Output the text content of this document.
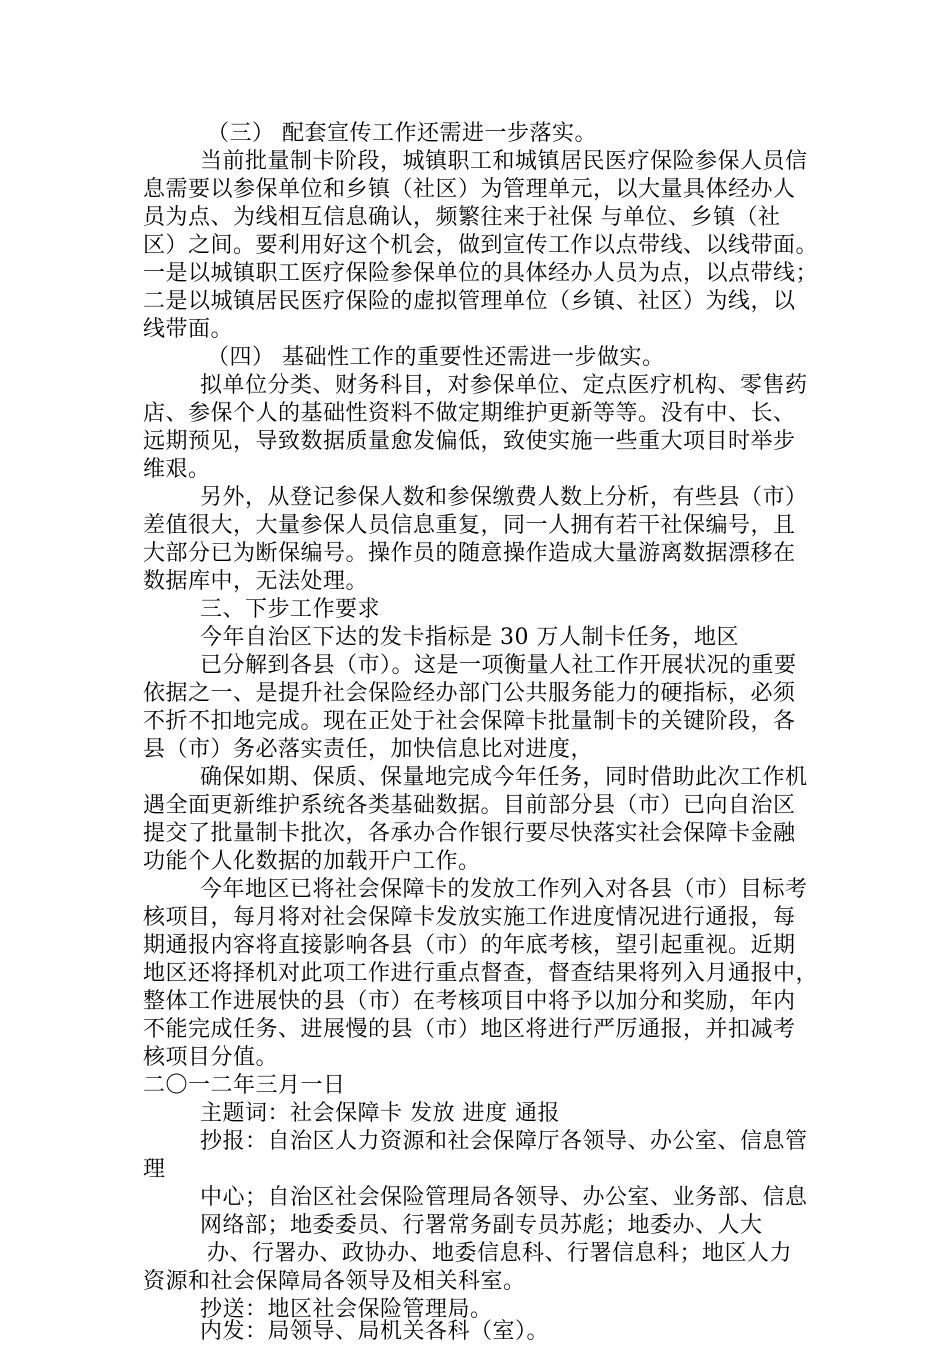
（三） 配套宣传工作还需进一步落实。
当前批量制卡阶段，城镇职工和城镇居民医疗保险参保人员信
息需要以参保单位和乡镇（社区）为管理单元，以大量具体经办人
员为点、为线相互信息确认，频繁往来于社保 与单位、乡镇（社
区）之间。要利用好这个机会，做到宣传工作以点带线、以线带面。
一是以城镇职工医疗保险参保单位的具体经办人员为点，以点带线；
二是以城镇居民医疗保险的虚拟管理单位（乡镇、社区）为线，以
线带面。
（四） 基础性工作的重要性还需进一步做实。
拟单位分类、财务科目，对参保单位、定点医疗机构、零售药
店、参保个人的基础性资料不做定期维护更新等等。没有中、长、
远期预见，导致数据质量愈发偏低，致使实施一些重大项目时举步
维艰。
另外，从登记参保人数和参保缴费人数上分析，有些县（市）
差值很大，大量参保人员信息重复，同一人拥有若干社保编号，且
大部分已为断保编号。操作员的随意操作造成大量游离数据漂移在
数据库中，无法处理。
三、下步工作要求
今年自治区下达的发卡指标是 30 万人制卡任务，地区
已分解到各县（市）。这是一项衡量人社工作开展状况的重要
依据之一、是提升社会保险经办部门公共服务能力的硬指标，必须
不折不扣地完成。现在正处于社会保障卡批量制卡的关键阶段，各
县（市）务必落实责任，加快信息比对进度，
确保如期、保质、保量地完成今年任务，同时借助此次工作机
遇全面更新维护系统各类基础数据。目前部分县（市）已向自治区
提交了批量制卡批次，各承办合作银行要尽快落实社会保障卡金融
功能个人化数据的加载开户工作。
今年地区已将社会保障卡的发放工作列入对各县（市）目标考
核项目，每月将对社会保障卡发放实施工作进度情况进行通报，每
期通报内容将直接影响各县（市）的年底考核，望引起重视。近期
地区还将择机对此项工作进行重点督查，督查结果将列入月通报中，
整体工作进展快的县（市）在考核项目中将予以加分和奖励，年内
不能完成任务、进展慢的县（市）地区将进行严厉通报，并扣减考
核项目分值。
二〇一二年三月一日
主题词：社会保障卡 发放 进度 通报
抄报：自治区人力资源和社会保障厅各领导、办公室、信息管
理
中心；自治区社会保险管理局各领导、办公室、业务部、信息
网络部；地委委员、行署常务副专员苏彪；地委办、人大
办、行署办、政协办、地委信息科、行署信息科；地区人力
资源和社会保障局各领导及相关科室。
抄送：地区社会保险管理局。
内发：局领导、局机关各科（室）。
